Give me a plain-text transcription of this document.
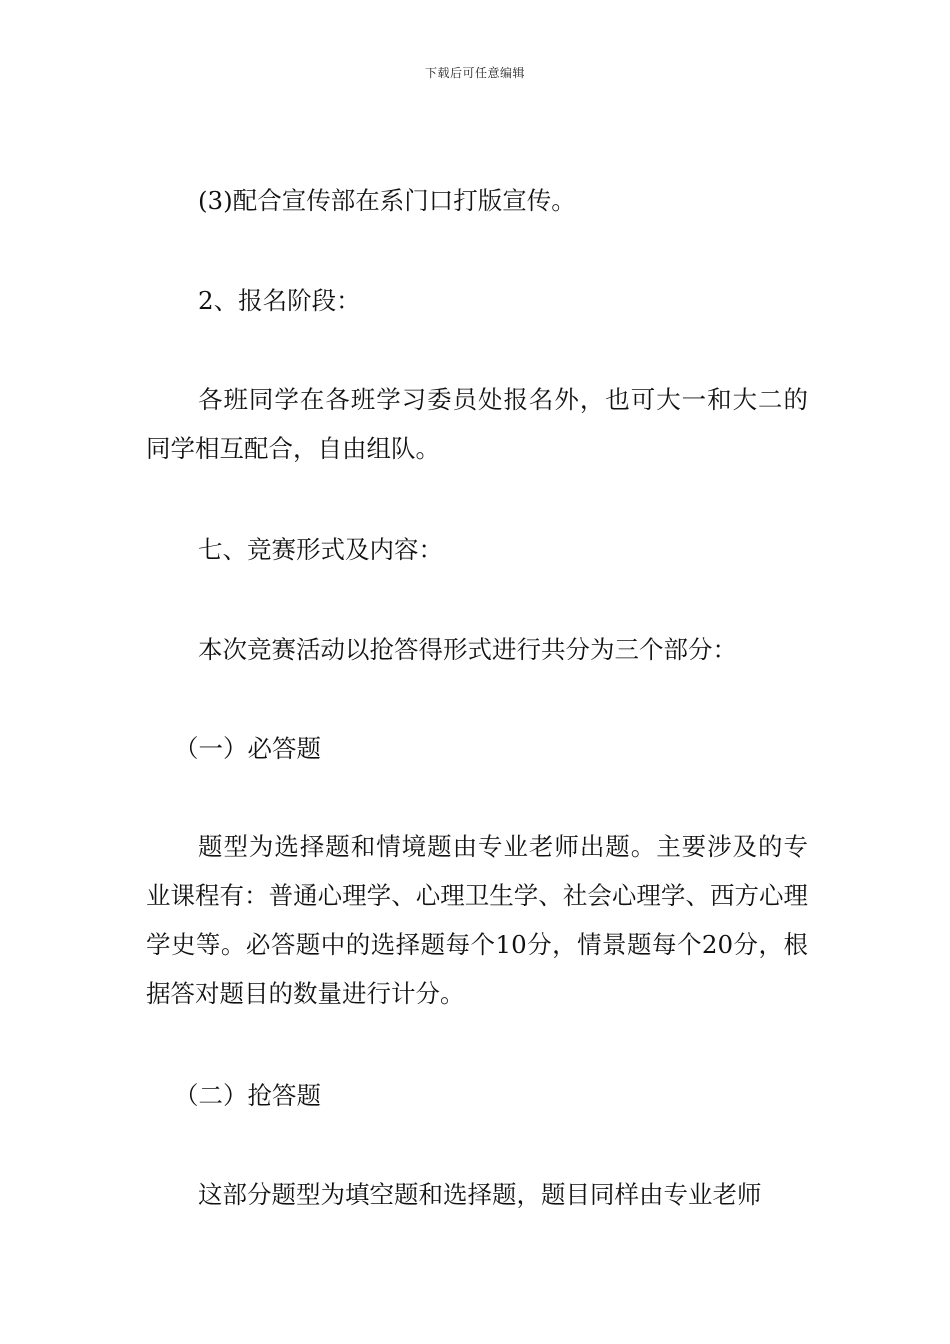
下载后可任意编辑

(3)配合宣传部在系门口打版宣传。

2、报名阶段：

各班同学在各班学习委员处报名外，也可大一和大二的同学相互配合，自由组队。

七、竞赛形式及内容：

本次竞赛活动以抢答得形式进行共分为三个部分：

（一）必答题

题型为选择题和情境题由专业老师出题。主要涉及的专业课程有：普通心理学、心理卫生学、社会心理学、西方心理学史等。必答题中的选择题每个10分，情景题每个20分，根据答对题目的数量进行计分。

（二）抢答题

这部分题型为填空题和选择题，题目同样由专业老师
